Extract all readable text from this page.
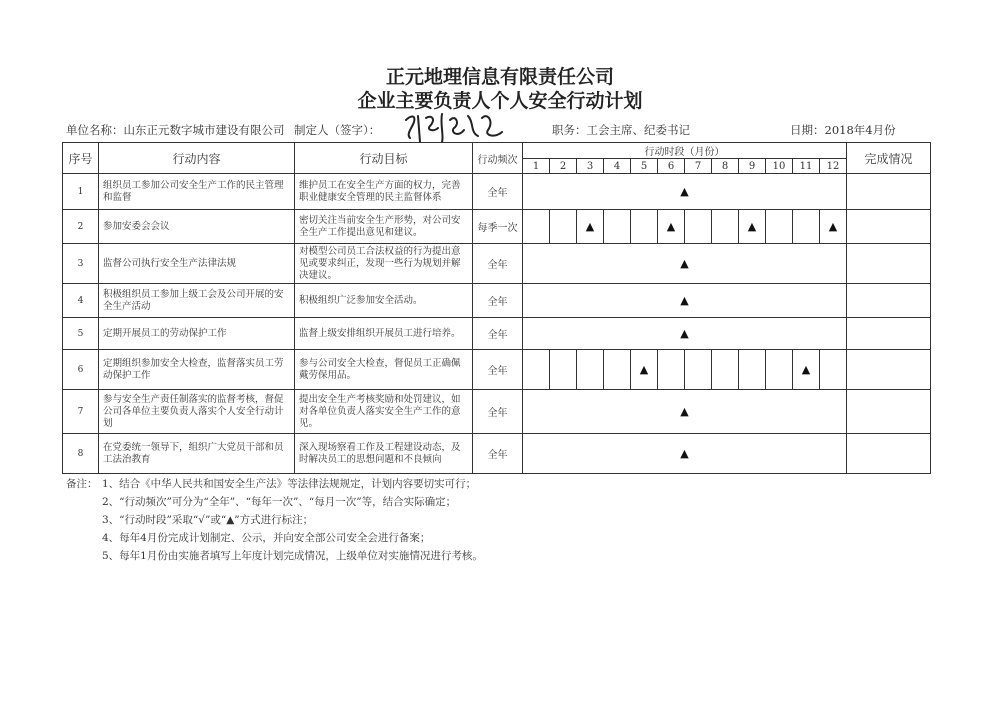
正元地理信息有限责任公司
企业主要负责人个人安全行动计划
单位名称：山东正元数字城市建设有限公司 制定人（签字）：	职务：工会主席、纪委书记	日期：2018年4月份
序号	行动内容	行动目标	行动频次	行动时段（月份）												完成情况
				1	2	3	4	5	6	7	8	9	10	11	12	
1	组织员工参加公司安全生产工作的民主管理和监督	维护员工在安全生产方面的权力，完善职业健康安全管理的民主监督体系	全年	▲												
2	参加安委会会议	密切关注当前安全生产形势，对公司安全生产工作提出意见和建议。	每季一次			▲			▲			▲			▲	
3	监督公司执行安全生产法律法规	对模型公司员工合法权益的行为提出意见或要求纠正，发现一些行为规划并解决建议。	全年	▲												
4	积极组织员工参加上级工会及公司开展的安全生产活动	积极组织广泛参加安全活动。	全年	▲												
5	定期开展员工的劳动保护工作	监督上级安排组织开展员工进行培养。	全年	▲												
6	定期组织参加安全大检查，监督落实员工劳动保护工作	参与公司安全大检查，督促员工正确佩戴劳保用品。	全年					▲						▲		
7	参与安全生产责任制落实的监督考核，督促公司各单位主要负责人落实个人安全行动计划	提出安全生产考核奖励和处罚建议，如对各单位负责人落实安全生产工作的意见。	全年	▲												
8	在党委统一领导下，组织广大党员干部和员工法治教育	深入现场察看工作及工程建设动态，及时解决员工的思想问题和不良倾向	全年	▲												
备注： 1、结合《中华人民共和国安全生产法》等法律法规规定，计划内容要切实可行；
2、“行动频次”可分为“全年”、“每年一次”、“每月一次”等，结合实际确定；
3、“行动时段”采取“√”或“▲”方式进行标注；
4、每年4月份完成计划制定、公示，并向安全部公司安全会进行备案；
5、每年1月份由实施者填写上年度计划完成情况，上级单位对实施情况进行考核。
